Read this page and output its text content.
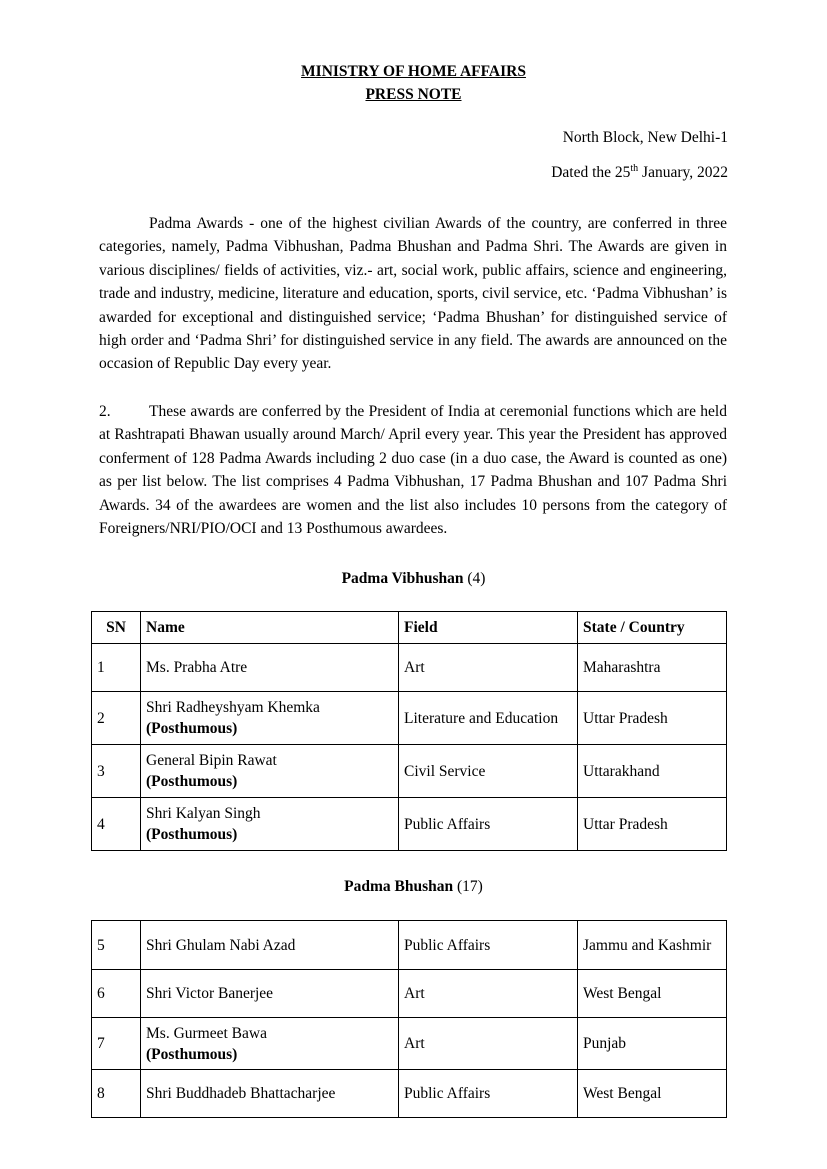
MINISTRY OF HOME AFFAIRS
PRESS NOTE
North Block, New Delhi-1
Dated the 25th January, 2022
Padma Awards - one of the highest civilian Awards of the country, are conferred in three categories, namely, Padma Vibhushan, Padma Bhushan and Padma Shri. The Awards are given in various disciplines/ fields of activities, viz.- art, social work, public affairs, science and engineering, trade and industry, medicine, literature and education, sports, civil service, etc. ‘Padma Vibhushan’ is awarded for exceptional and distinguished service; ‘Padma Bhushan’ for distinguished service of high order and ‘Padma Shri’ for distinguished service in any field. The awards are announced on the occasion of Republic Day every year.
2. These awards are conferred by the President of India at ceremonial functions which are held at Rashtrapati Bhawan usually around March/ April every year. This year the President has approved conferment of 128 Padma Awards including 2 duo case (in a duo case, the Award is counted as one) as per list below. The list comprises 4 Padma Vibhushan, 17 Padma Bhushan and 107 Padma Shri Awards. 34 of the awardees are women and the list also includes 10 persons from the category of Foreigners/NRI/PIO/OCI and 13 Posthumous awardees.
Padma Vibhushan (4)
SN	Name	Field	State / Country
1	Ms. Prabha Atre	Art	Maharashtra
2	Shri Radheyshyam Khemka
(Posthumous)	Literature and Education	Uttar Pradesh
3	General Bipin Rawat
(Posthumous)	Civil Service	Uttarakhand
4	Shri Kalyan Singh
(Posthumous)	Public Affairs	Uttar Pradesh
Padma Bhushan (17)
5	Shri Ghulam Nabi Azad	Public Affairs	Jammu and Kashmir
6	Shri Victor Banerjee	Art	West Bengal
7	Ms. Gurmeet Bawa
(Posthumous)	Art	Punjab
8	Shri Buddhadeb Bhattacharjee	Public Affairs	West Bengal
